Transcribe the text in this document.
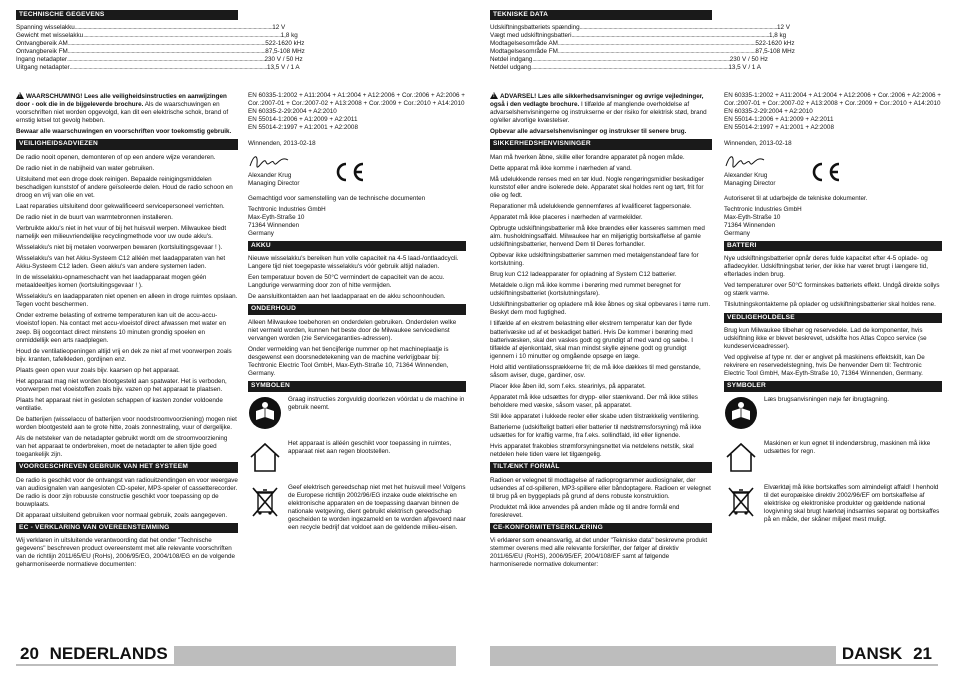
TECHNISCHE GEGEVENS
Spanning wisselakku .............................................................................................................................................................. 12 V
Gewicht met wisselakku .............................................................................................................................................................. 1,8 kg
Ontvangbereik AM .............................................................................................................................................................. 522-1620 kHz
Ontvangbereik FM .............................................................................................................................................................. 87,5-108 MHz
Ingang netadapter .............................................................................................................................................................. 230 V / 50 Hz
Uitgang netadapter .............................................................................................................................................................. 13,5 V / 1 A

! WAARSCHUWING! Lees alle veiligheidsinstructies en aanwijzingen door - ook die in de bijgeleverde brochure. Als de waarschuwingen en voorschriften niet worden opgevolgd, kan dit een elektrische schok, brand of ernstig letsel tot gevolg hebben.

Bewaar alle waarschuwingen en voorschriften voor toekomstig gebruik.

VEILIGHEIDSADVIEZEN

De radio nooit openen, demonteren of op een andere wijze veranderen.

De radio niet in de nabijheid van water gebruiken.

Uitsluitend met een droge doek reinigen. Bepaalde reinigingsmiddelen beschadigen kunststof of andere geïsoleerde delen. Houd de radio schoon en droog en vrij van olie en vet.

Laat reparaties uitsluitend door gekwalificeerd servicepersoneel verrichten.

De radio niet in de buurt van warmtebronnen installeren.

Verbruikte akku's niet in het vuur of bij het huisvuil werpen. Milwaukee biedt namelijk een milieuvriendelijke recyclingmethode voor uw oude akku's.

Wisselakku's niet bij metalen voorwerpen bewaren (kortsluitingsgevaar ! ).

Wisselakku's van het Akku-Systeem C12 alléén met laadapparaten van het Akku-Systeem C12 laden. Geen akku's van andere systemen laden.

In de wisselakku-opnameschacht van het laadapparaat mogen géén metaaldeeltjes komen (kortsluitingsgevaar ! ).

Wisselakku's en laadapparaten niet openen en alleen in droge ruimtes opslaan. Tegen vocht beschermen.

Onder extreme belasting of extreme temperaturen kan uit de accu-accu-vloeistof lopen. Na contact met accu-vloeistof direct afwassen met water en zeep. Bij oogcontact direct minstens 10 minuten grondig spoelen en onmiddellijk een arts raadplegen.

Houd de ventilatieopeningen altijd vrij en dek ze niet af met voorwerpen zoals bijv. kranten, tafelkleden, gordijnen enz.

Plaats geen open vuur zoals bijv. kaarsen op het apparaat.

Het apparaat mag niet worden blootgesteld aan spatwater. Het is verboden, voorwerpen met vloeistoffen zoals bijv. vazen op het apparaat te plaatsen.

Plaats het apparaat niet in gesloten schappen of kasten zonder voldoende ventilatie.

De batterijen (wisselaccu of batterijen voor noodstroomvoorziening) mogen niet worden blootgesteld aan te grote hitte, zoals zonnestraling, vuur of dergelijke.

Als de netsteker van de netadapter gebruikt wordt om de stroomvoorziening van het apparaat te onderbreken, moet de netadapter te allen tijde goed toegankelijk zijn.

VOORGESCHREVEN GEBRUIK VAN HET SYSTEEM

De radio is geschikt voor de ontvangst van radiouitzendingen en voor weergave van audiosignalen van aangesloten CD-speler, MP3-speler of cassetterecorder. De radio is door zijn robuuste constructie geschikt voor toepassing op de bouwplaats.

Dit apparaat uitsluitend gebruiken voor normaal gebruik, zoals aangegeven.

EC - VERKLARING VAN OVEREENSTEMMING

Wij verklaren in uitsluitende verantwoording dat het onder "Technische gegevens" beschreven product overeenstemt met alle relevante voorschriften van de richtlijn 2011/65/EU (RoHs), 2006/95/EG, 2004/108/EG en de volgende geharmoniseerde normatieve documenten:

EN 60335-1:2002 + A11:2004 + A1:2004 + A12:2006 + Cor.:2006 + A2:2006 + Cor.:2007-01 + Cor.:2007-02 + A13:2008 + Cor.:2009 + Cor.:2010 + A14:2010
EN 60335-2-29:2004 + A2:2010
EN 55014-1:2006 + A1:2009 + A2:2011
EN 55014-2:1997 + A1:2001 + A2:2008

Winnenden, 2013-02-18

Alexander Krug
Managing Director

Gemachtigd voor samenstelling van de technische documenten

Techtronic Industries GmbH
Max-Eyth-Straße 10
71364 Winnenden
Germany

AKKU

Nieuwe wisselakku's bereiken hun volle capaciteit na 4-5 laad-/ontlaadcycli. Langere tijd niet toegepaste wisselakku's vóór gebruik altijd naladen.

Een temperatuur boven de 50°C vermindert de capaciteit van de accu. Langdurige verwarming door zon of hitte vermijden.

De aansluitkontakten aan het laadapparaat en de akku schoonhouden.

ONDERHOUD

Alleen Milwaukee toebehoren en onderdelen gebruiken. Onderdelen welke niet vermeld worden, kunnen het beste door de Milwaukee servicedienst vervangen worden (zie Servicegaranties-adressen).

Onder vermelding van het tiencijferige nummer op het machineplaatje is desgewenst een doorsnedetekening van de machine verkrijgbaar bij: Techtronic Electric Tool GmbH, Max-Eyth-Straße 10, 71364 Winnenden, Germany.

SYMBOLEN
Graag instructies zorgvuldig doorlezen vóórdat u de machine in gebruik neemt.
Het apparaat is alléén geschikt voor toepassing in ruimtes, apparaat niet aan regen blootstellen.
Geef elektrisch gereedschap niet met het huisvuil mee! Volgens de Europese richtlijn 2002/96/EG inzake oude elektrische en elektronische apparaten en de toepassing daarvan binnen de nationale wetgeving, dient gebruikt elektrisch gereedschap gescheiden te worden ingezameld en te worden afgevoerd naar een recycle bedrijf dat voldoet aan de geldende milieu-eisen.
20 NEDERLANDS
TEKNISKE DATA
Udskiftningsbatteriets spænding .............................................................................................................................................................. 12 V
Vægt med udskiftningsbatteri .............................................................................................................................................................. 1,8 kg
Modtagelsesområde AM .............................................................................................................................................................. 522-1620 kHz
Modtagelsesområde FM .............................................................................................................................................................. 87,5-108 MHz
Netdel indgang .............................................................................................................................................................. 230 V / 50 Hz
Netdel udgang .............................................................................................................................................................. 13,5 V / 1 A

! ADVARSEL! Læs alle sikkerhedsanvisninger og øvrige vejledninger, også i den vedlagte brochure. I tilfælde af manglende overholdelse af advarselshenvisningerne og instrukserne er der risiko for elektrisk stød, brand og/eller alvorlige kvæstelser.

Opbevar alle advarselshenvisninger og instrukser til senere brug.

SIKKERHEDSHENVISNINGER

Man må hverken åbne, skille eller forandre apparatet på nogen måde.

Dette apparat må ikke komme i nærheden af vand.

Må udelukkende renses med en tør klud. Nogle rengøringsmidler beskadiger kunststof eller andre isolerede dele. Apparatet skal holdes rent og tørt, frit for olie og fedt.

Reparationer må udelukkende gennemføres af kvalificeret fagpersonale.

Apparatet må ikke placeres i nærheden af varmekilder.

Opbrugte udskiftningsbatterier må ikke brændes eller kasseres sammen med alm. husholdningsaffald. Milwaukee har en miljørigtig bortskaffelse af gamle udskiftningsbatterier, henvend Dem til Deres forhandler.

Opbevar ikke udskiftningsbatterier sammen med metalgenstandeaf fare for kortslutning.

Brug kun C12 ladeapparater for opladning af System C12 batterier.

Metaldele o.lign må ikke komme i berøring med rummet beregnet for udskiftningsbatteriet (kortslutningsfare).

Udskiftningsbatterier og opladere må ikke åbnes og skal opbevares i tørre rum. Beskyt dem mod fugtighed.

I tilfælde af en ekstrem belastning eller ekstrem temperatur kan der flyde batterivæske ud af et beskadiget batteri. Hvis De kommer i berøring med batterivæsken, skal den vaskes godt og grundigt af med vand og sæbe. I tilfælde af øjenkontakt, skal man mindst skylle øjnene godt og grundigt igennem i 10 minutter og omgående opsøge en læge.

Hold altid ventilationssprækkerne fri; de må ikke dækkes til med genstande, såsom aviser, duge, gardiner, osv.

Placer ikke åben ild, som f.eks. stearinlys, på apparatet.

Apparatet må ikke udsættes for drypp- eller stænkvand. Der må ikke stilles beholdere med væske, såsom vaser, på apparatet.

Stil ikke apparatet i lukkede reoler eller skabe uden tilstrækkelig ventilering.

Batterierne (udskifteligt batteri eller batterier til nødstrømsforsyning) må ikke udsættes for for kraftig varme, fra f.eks. sollindfald, ild eller lignende.

Hvis apparatet frakobles strømforsyningsnettet via netdelens netstik, skal netdelen hele tiden være let tilgængelig.

TILTÆNKT FORMÅL

Radioen er velegnet til modtagelse af radioprogrammer audiosignaler, der udsendes af cd-spilleren, MP3-spillere eller båndoptagere. Radioen er velegnet til brug på en byggeplads på grund af dens robuste konstruktion.

Produktet må ikke anvendes på anden måde og til andre formål end foreskrevet.

CE-KONFORMITETSERKLÆRING

Vi erklærer som eneansvarlig, at det under "Tekniske data" beskrevne produkt stemmer overens med alle relevante forskrifter, der følger af direktiv 2011/65/EU (RoHS), 2006/95/EF, 2004/108/EF samt af følgende harmoniserede normative dokumenter:

EN 60335-1:2002 + A11:2004 + A1:2004 + A12:2006 + Cor.:2006 + A2:2006 + Cor.:2007-01 + Cor.:2007-02 + A13:2008 + Cor.:2009 + Cor.:2010 + A14:2010
EN 60335-2-29:2004 + A2:2010
EN 55014-1:2006 + A1:2009 + A2:2011
EN 55014-2:1997 + A1:2001 + A2:2008

Winnenden, 2013-02-18

Alexander Krug
Managing Director

Autoriseret til at udarbejde de tekniske dokumenter.

Techtronic Industries GmbH
Max-Eyth-Straße 10
71364 Winnenden
Germany

BATTERI

Nye udskiftningsbatterier opnår deres fulde kapacitet efter 4-5 oplade- og afladecykler. Udskiftningsbat terier, der ikke har været brugt i længere tid, efterlades inden brug.

Ved temperaturer over 50°C forminskes batteriets effekt. Undgå direkte sollys og stærk varme.

Tilslutningskontakterne på oplader og udskiftningsbatterier skal holdes rene.

VEDLIGEHOLDELSE

Brug kun Milwaukee tilbehør og reservedele. Lad de komponenter, hvis udskiftning ikke er blevet beskrevet, udskifte hos Atlas Copco service (se kundeserviceadresser).

Ved opgivelse af type nr. der er angivet på maskinens effektskilt, kan De rekvirere en reservedelstegning, hvis De henvender Dem til: Techtronic Electric Tool GmbH, Max-Eyth-Straße 10, 71364 Winnenden, Germany.

SYMBOLER
Læs brugsanvisningen nøje før ibrugtagning.
Maskinen er kun egnet til indendørsbrug, maskinen må ikke udsættes for regn.
Elværktøj må ikke bortskaffes som almindeligt affald! I henhold til det europæiske direktiv 2002/96/EF om bortskaffelse af elektriske og elektroniske produkter og gældende national lovgivning skal brugt lværktøj indsamles separat og bortskaffes på en måde, der skåner miljøet mest muligt.
DANSK 21
